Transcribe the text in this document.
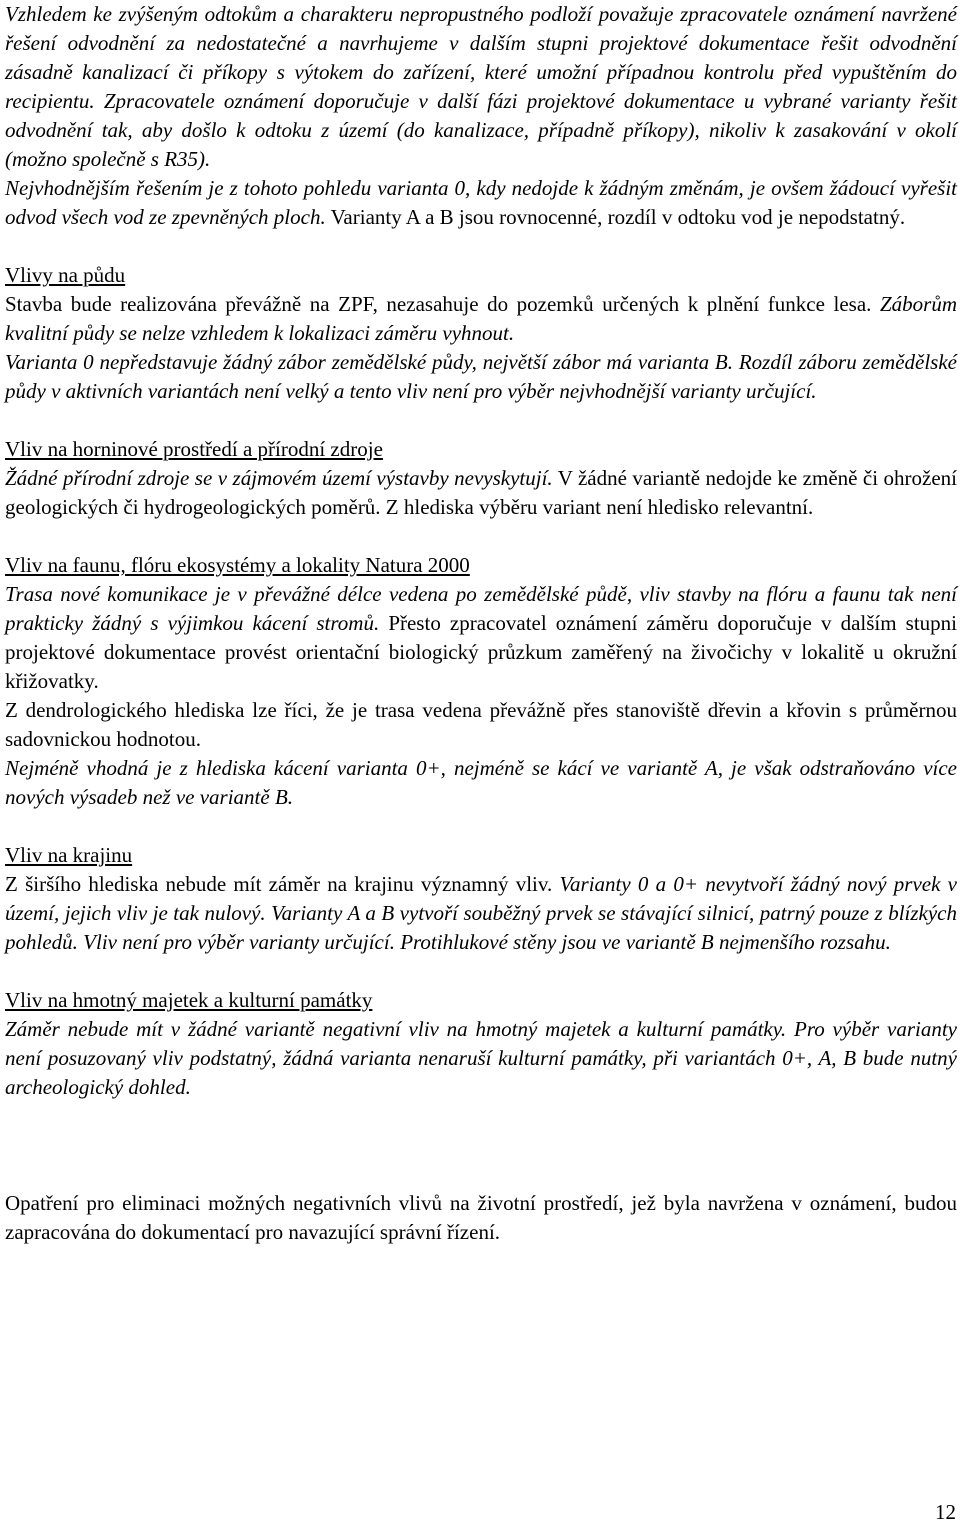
Vzhledem ke zvýšeným odtokům a charakteru nepropustného podloží považuje zpracovatele oznámení navržené řešení odvodnění za nedostatečné a navrhujeme v dalším stupni projektové dokumentace řešit odvodnění zásadně kanalizací či příkopy s výtokem do zařízení, které umožní případnou kontrolu před vypuštěním do recipientu. Zpracovatele oznámení doporučuje v další fázi projektové dokumentace u vybrané varianty řešit odvodnění tak, aby došlo k odtoku z území (do kanalizace, případně příkopy), nikoliv k zasakování v okolí (možno společně s R35).

Nejvhodnějším řešením je z tohoto pohledu varianta 0, kdy nedojde k žádným změnám, je ovšem žádoucí vyřešit odvod všech vod ze zpevněných ploch. Varianty A a B jsou rovnocenné, rozdíl v odtoku vod je nepodstatný.

Vlivy na půdu

Stavba bude realizována převážně na ZPF, nezasahuje do pozemků určených k plnění funkce lesa. Záborům kvalitní půdy se nelze vzhledem k lokalizaci záměru vyhnout.

Varianta 0 nepředstavuje žádný zábor zemědělské půdy, největší zábor má varianta B. Rozdíl záboru zemědělské půdy v aktivních variantách není velký a tento vliv není pro výběr nejvhodnější varianty určující.

Vliv na horninové prostředí a přírodní zdroje

Žádné přírodní zdroje se v zájmovém území výstavby nevyskytují. V žádné variantě nedojde ke změně či ohrožení geologických či hydrogeologických poměrů. Z hlediska výběru variant není hledisko relevantní.

Vliv na faunu, flóru ekosystémy a lokality Natura 2000

Trasa nové komunikace je v převážné délce vedena po zemědělské půdě, vliv stavby na flóru a faunu tak není prakticky žádný s výjimkou kácení stromů. Přesto zpracovatel oznámení záměru doporučuje v dalším stupni projektové dokumentace provést orientační biologický průzkum zaměřený na živočichy v lokalitě u okružní křižovatky.

Z dendrologického hlediska lze říci, že je trasa vedena převážně přes stanoviště dřevin a křovin s průměrnou sadovnickou hodnotou.

Nejméně vhodná je z hlediska kácení varianta 0+, nejméně se kácí ve variantě A, je však odstraňováno více nových výsadeb než ve variantě B.

Vliv na krajinu

Z širšího hlediska nebude mít záměr na krajinu významný vliv. Varianty 0 a 0+ nevytvoří žádný nový prvek v území, jejich vliv je tak nulový. Varianty A a B vytvoří souběžný prvek se stávající silnicí, patrný pouze z blízkých pohledů. Vliv není pro výběr varianty určující. Protihlukové stěny jsou ve variantě B nejmenšího rozsahu.

Vliv na hmotný majetek a kulturní památky

Záměr nebude mít v žádné variantě negativní vliv na hmotný majetek a kulturní památky. Pro výběr varianty není posuzovaný vliv podstatný, žádná varianta nenaruší kulturní památky, při variantách 0+, A, B bude nutný archeologický dohled.

Opatření pro eliminaci možných negativních vlivů na životní prostředí, jež byla navržena v oznámení, budou zapracována do dokumentací pro navazující správní řízení.

12
